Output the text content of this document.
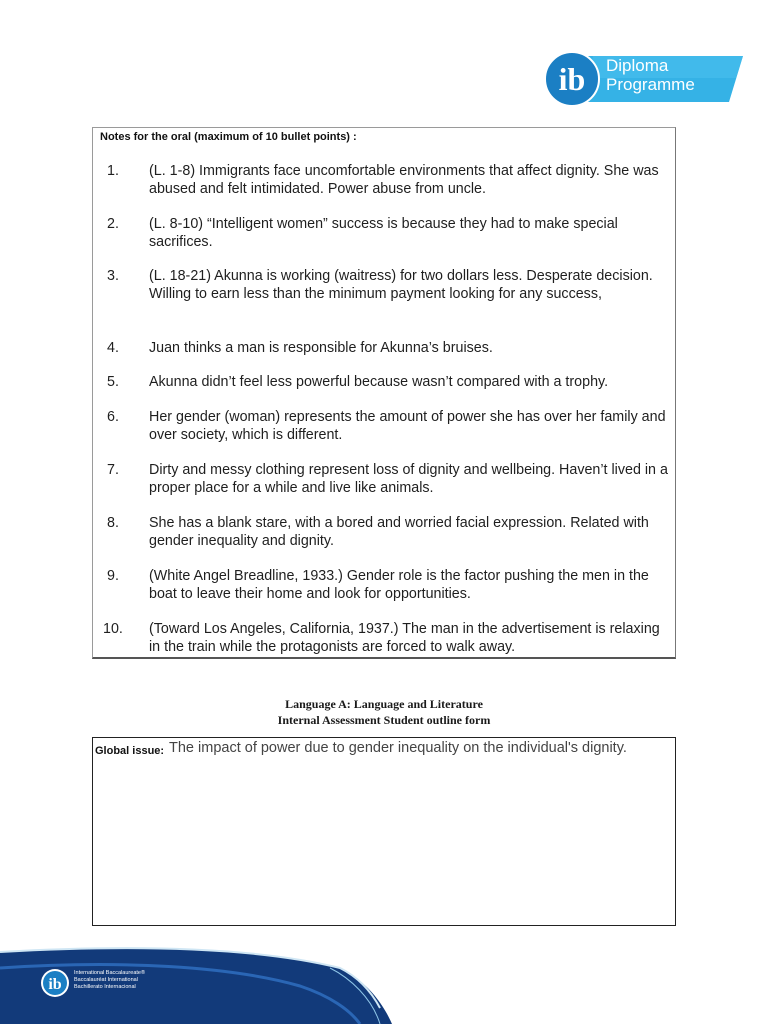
ib Diploma
Programme
Notes for the oral (maximum of 10 bullet points) :
1.	(L. 1-8) Immigrants face uncomfortable environments that affect dignity. She was abused and felt intimidated. Power abuse from uncle.
2.	(L. 8-10) “Intelligent women” success is because they had to make special sacrifices.
3.	(L. 18-21) Akunna is working (waitress) for two dollars less. Desperate decision. Willing to earn less than the minimum payment looking for any success,
4.	Juan thinks a man is responsible for Akunna’s bruises.
5.	Akunna didn’t feel less powerful because wasn’t compared with a trophy.
6.	Her gender (woman) represents the amount of power she has over her family and over society, which is different.
7.	Dirty and messy clothing represent loss of dignity and wellbeing. Haven’t lived in a proper place for a while and live like animals.
8.	She has a blank stare, with a bored and worried facial expression. Related with gender inequality and dignity.
9.	(White Angel Breadline, 1933.) Gender role is the factor pushing the men in the boat to leave their home and look for opportunities.
10.	(Toward Los Angeles, California, 1937.) The man in the advertisement is relaxing in the train while the protagonists are forced to walk away.
Language A: Language and Literature
Internal Assessment Student outline form
Global issue: The impact of power due to gender inequality on the individual's dignity.
ib
International Baccalaureate®
Baccalauréat International
Bachillerato Internacional
